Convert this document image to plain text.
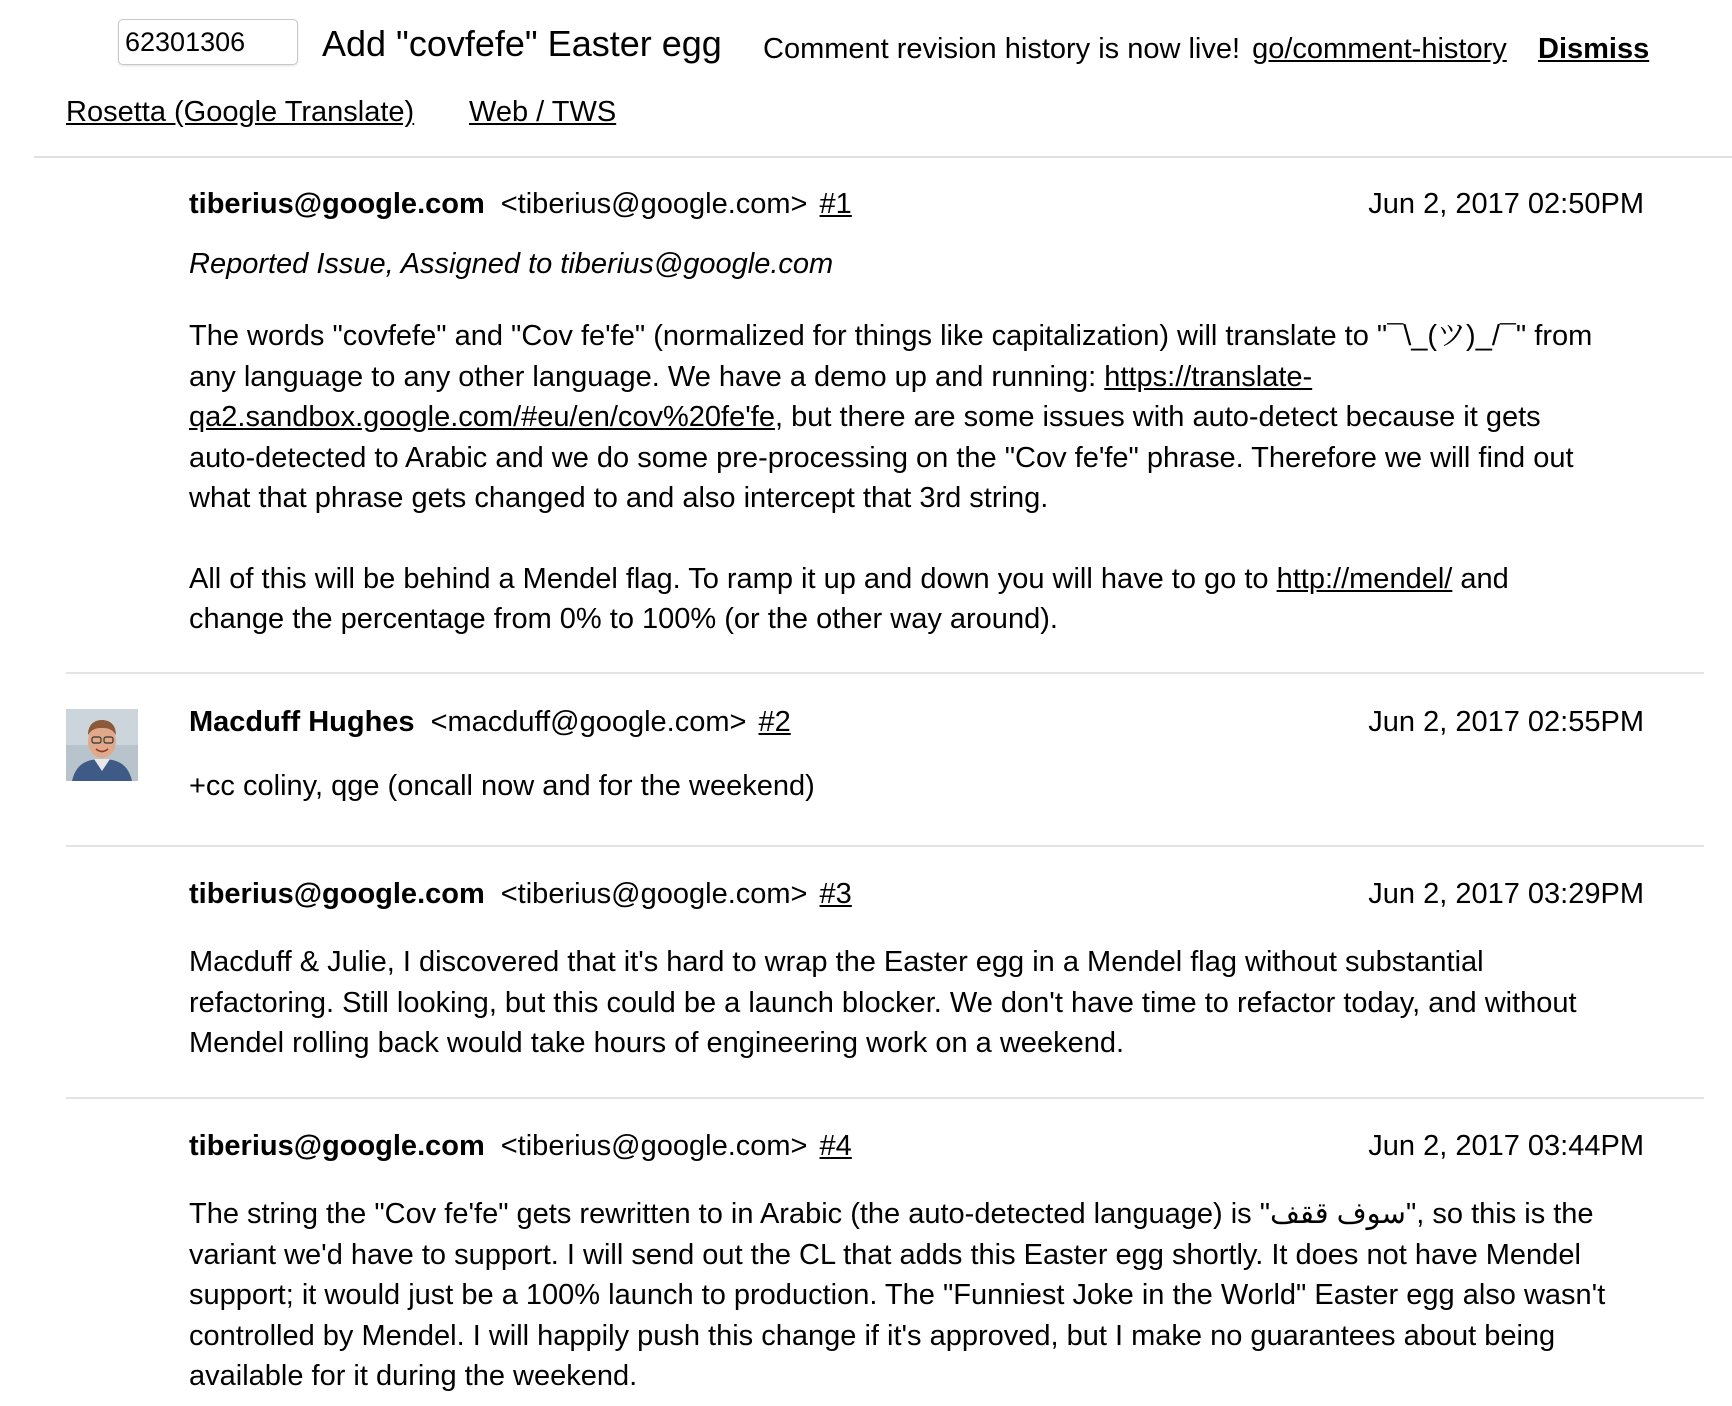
62301306
Add "covfefe" Easter egg Comment revision history is now live! go/comment-history Dismiss
Rosetta (Google Translate) Web / TWS
tiberius@google.com <tiberius@google.com> #1	Jun 2, 2017 02:50PM
Reported Issue, Assigned to tiberius@google.com

The words "covfefe" and "Cov fe'fe" (normalized for things like capitalization) will translate to "¯\_(ツ)_/¯" from any language to any other language. We have a demo up and running: https://translate-qa2.sandbox.google.com/#eu/en/cov%20fe'fe, but there are some issues with auto-detect because it gets auto-detected to Arabic and we do some pre-processing on the "Cov fe'fe" phrase. Therefore we will find out what that phrase gets changed to and also intercept that 3rd string.

All of this will be behind a Mendel flag. To ramp it up and down you will have to go to http://mendel/ and change the percentage from 0% to 100% (or the other way around).

Macduff Hughes <macduff@google.com> #2	Jun 2, 2017 02:55PM

+cc coliny, qge (oncall now and for the weekend)

tiberius@google.com <tiberius@google.com> #3	Jun 2, 2017 03:29PM

Macduff & Julie, I discovered that it's hard to wrap the Easter egg in a Mendel flag without substantial refactoring. Still looking, but this could be a launch blocker. We don't have time to refactor today, and without Mendel rolling back would take hours of engineering work on a weekend.

tiberius@google.com <tiberius@google.com> #4	Jun 2, 2017 03:44PM

The string the "Cov fe'fe" gets rewritten to in Arabic (the auto-detected language) is "سوف ققف", so this is the variant we'd have to support. I will send out the CL that adds this Easter egg shortly. It does not have Mendel support; it would just be a 100% launch to production. The "Funniest Joke in the World" Easter egg also wasn't controlled by Mendel. I will happily push this change if it's approved, but I make no guarantees about being available for it during the weekend.
